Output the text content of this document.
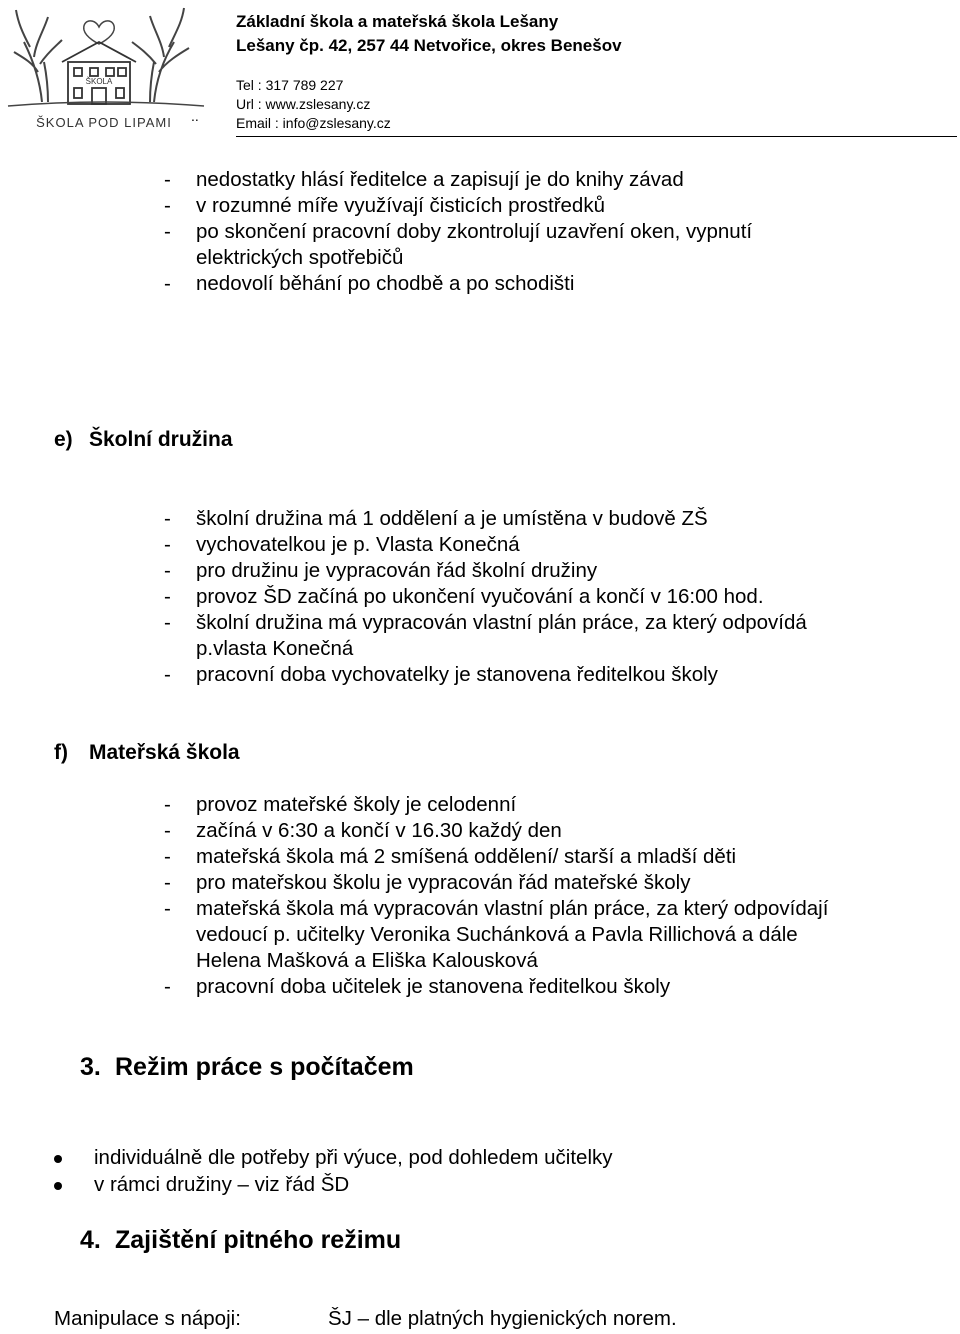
ŠKOLA
ŠKOLA POD LIPAMI ..
Základní škola a mateřská škola Lešany
Lešany čp. 42, 257 44 Netvořice, okres Benešov
Tel : 317 789 227
Url : www.zslesany.cz
Email : info@zslesany.cz
- nedostatky hlásí ředitelce a zapisují je do knihy závad
- v rozumné míře využívají čisticích prostředků
- po skončení pracovní doby zkontrolují uzavření oken, vypnutí
elektrických spotřebičů
- nedovolí běhání po chodbě a po schodišti
e) Školní družina
- školní družina má 1 oddělení a je umístěna v budově ZŠ
- vychovatelkou je p. Vlasta Konečná
- pro družinu je vypracován řád školní družiny
- provoz ŠD začíná po ukončení vyučování a končí v 16:00 hod.
- školní družina má vypracován vlastní plán práce, za který odpovídá
p.vlasta Konečná
- pracovní doba vychovatelky je stanovena ředitelkou školy
f) Mateřská škola
- provoz mateřské školy je celodenní
- začíná v 6:30 a končí v 16.30 každý den
- mateřská škola má 2 smíšená oddělení/ starší a mladší děti
- pro mateřskou školu je vypracován řád mateřské školy
- mateřská škola má vypracován vlastní plán práce, za který odpovídají
vedoucí p. učitelky Veronika Suchánková a Pavla Rillichová a dále
Helena Mašková a Eliška Kalousková
- pracovní doba učitelek je stanovena ředitelkou školy
3. Režim práce s počítačem
individuálně dle potřeby při výuce, pod dohledem učitelky
v rámci družiny – viz řád ŠD
4. Zajištění pitného režimu
Manipulace s nápoji:	ŠJ – dle platných hygienických norem.
